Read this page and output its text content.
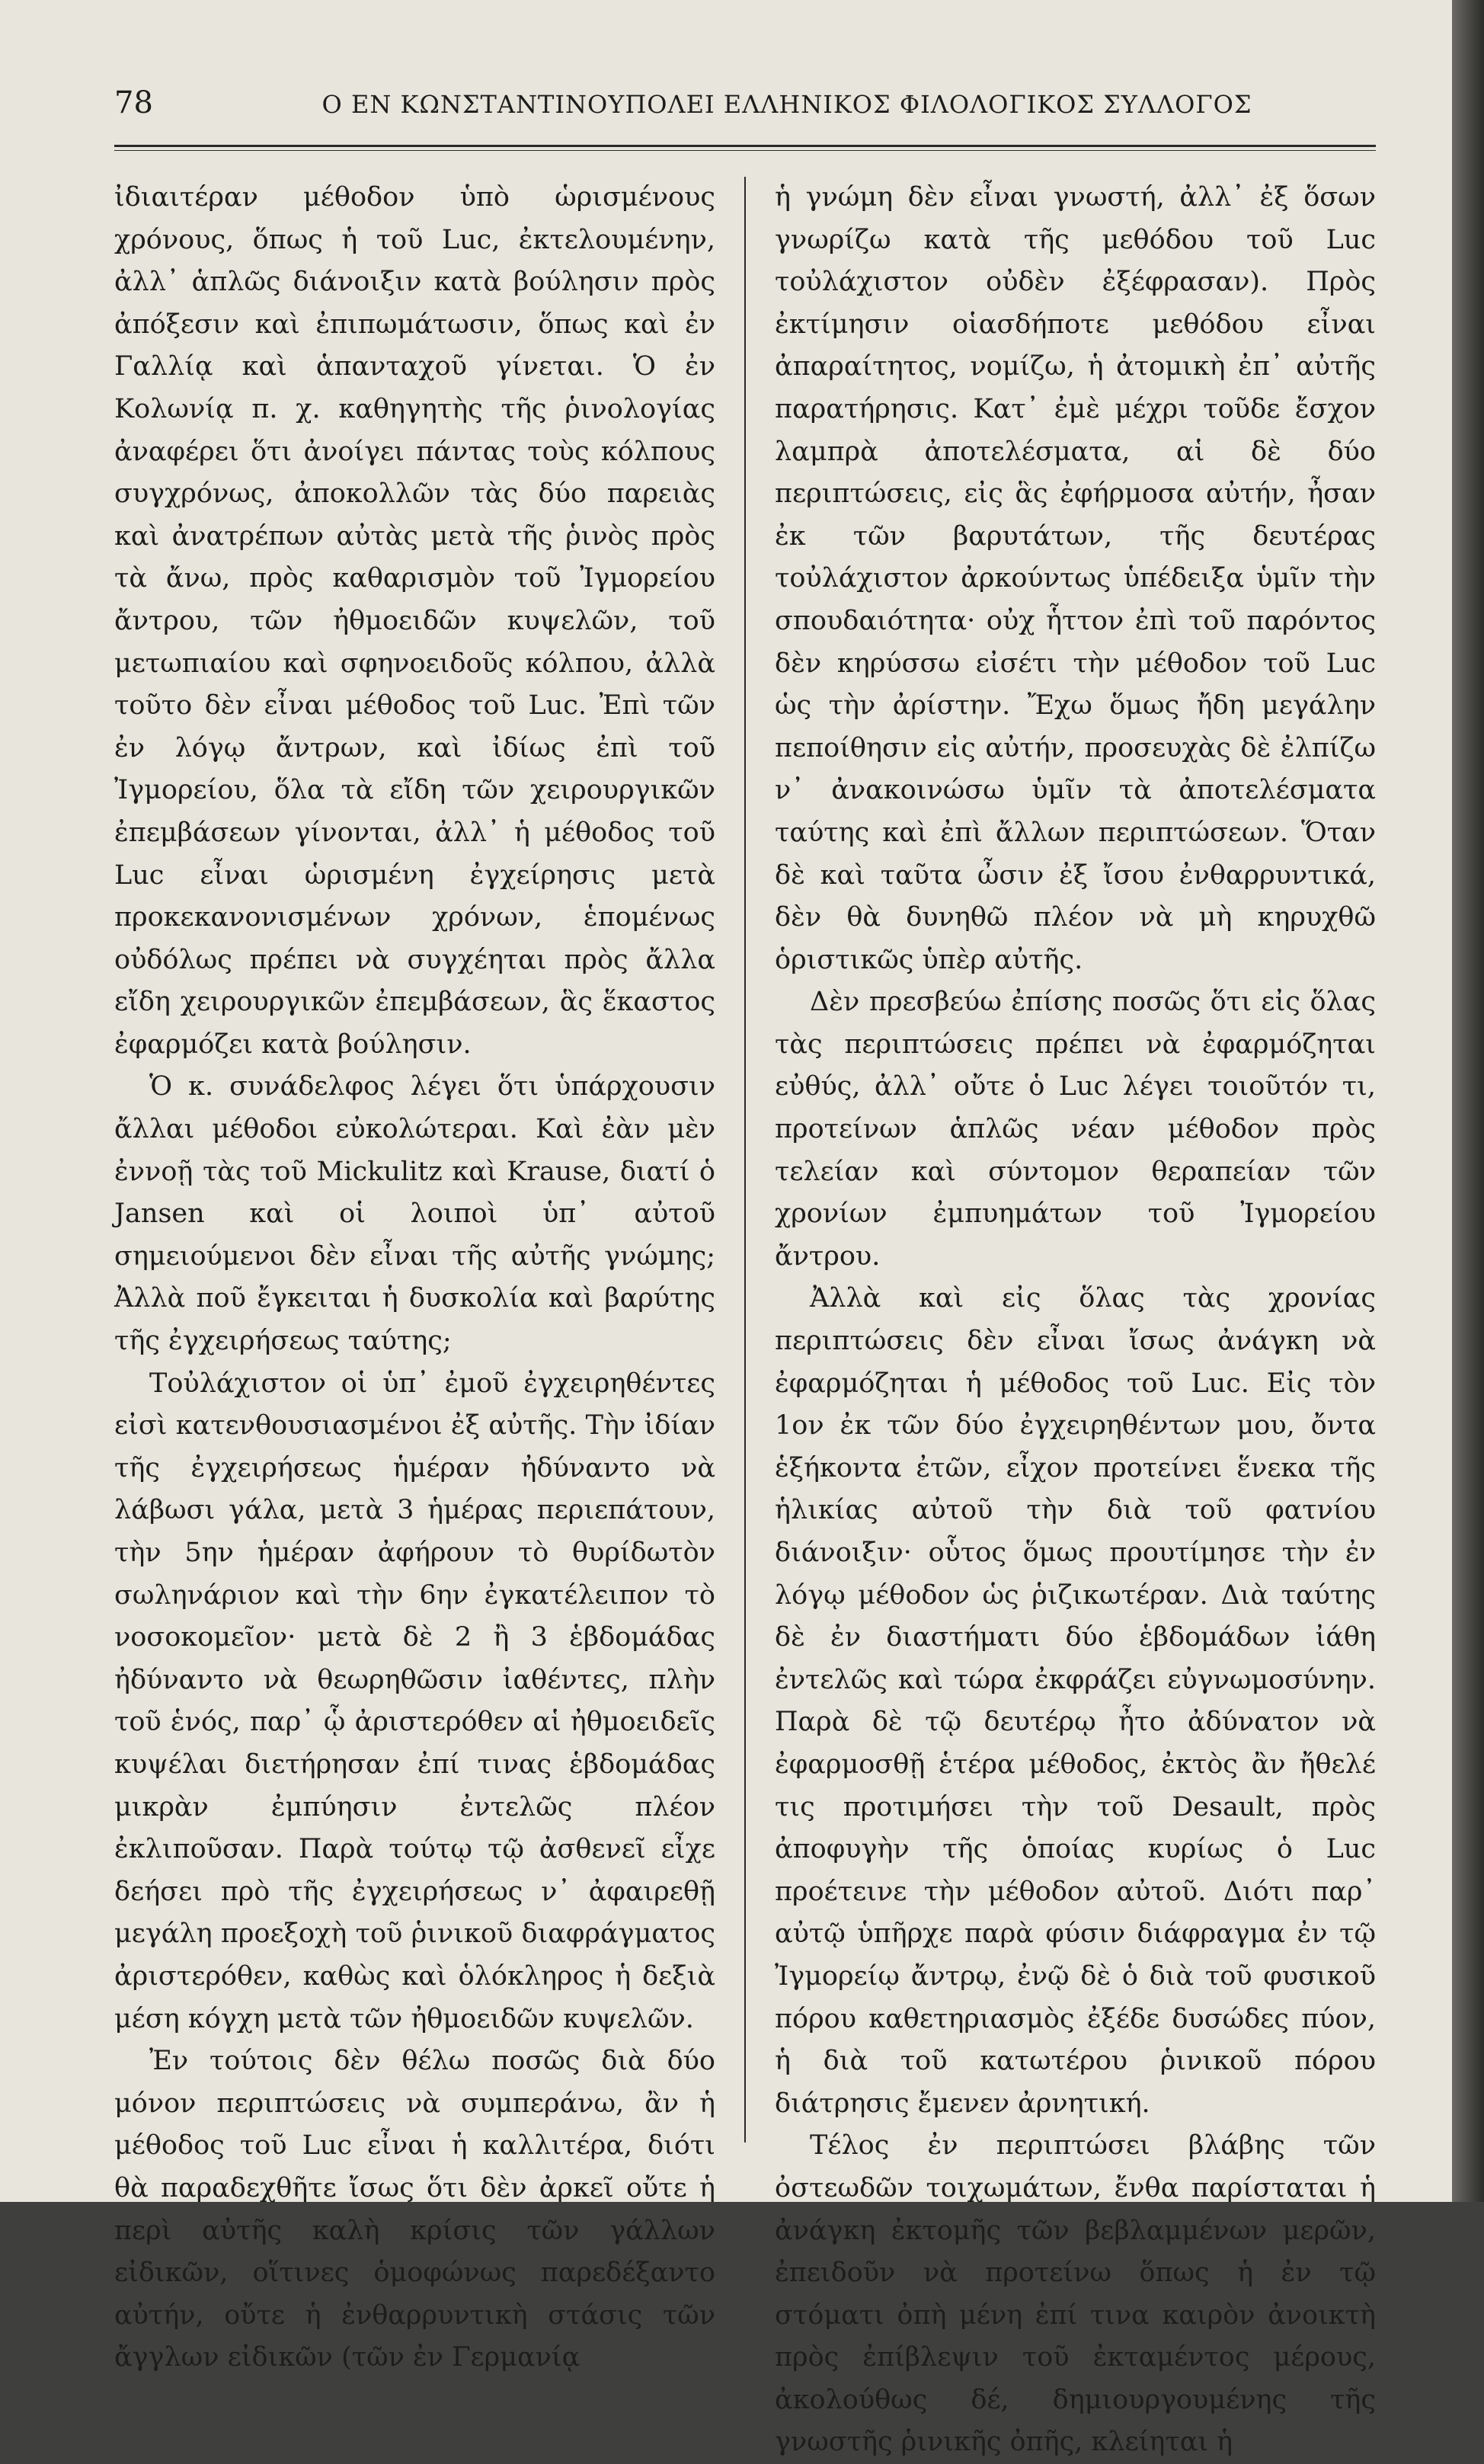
78	Ο ΕΝ ΚΩΝΣΤΑΝΤΙΝΟΥΠΟΛΕΙ ΕΛΛΗΝΙΚΟΣ ΦΙΛΟΛΟΓΙΚΟΣ ΣΥΛΛΟΓΟΣ

ἰδιαιτέραν μέθοδον ὑπὸ ὡρισμένους χρόνους, ὅπως ἡ τοῦ Luc, ἐκτελουμένην, ἀλλ᾽ ἁπλῶς διάνοιξιν κατὰ βούλησιν πρὸς ἀπόξεσιν καὶ ἐπιπωμάτωσιν, ὅπως καὶ ἐν Γαλλίᾳ καὶ ἁπανταχοῦ γίνεται. Ὁ ἐν Κολωνίᾳ π. χ. καθηγητὴς τῆς ῥινολογίας ἀναφέρει ὅτι ἀνοίγει πάντας τοὺς κόλπους συγχρόνως, ἀποκολλῶν τὰς δύο παρειὰς καὶ ἀνατρέπων αὐτὰς μετὰ τῆς ῥινὸς πρὸς τὰ ἄνω, πρὸς καθαρισμὸν τοῦ Ἰγμορείου ἄντρου, τῶν ἠθμοειδῶν κυψελῶν, τοῦ μετωπιαίου καὶ σφηνοειδοῦς κόλπου, ἀλλὰ τοῦτο δὲν εἶναι μέθοδος τοῦ Luc. Ἐπὶ τῶν ἐν λόγῳ ἄντρων, καὶ ἰδίως ἐπὶ τοῦ Ἰγμορείου, ὅλα τὰ εἴδη τῶν χειρουργικῶν ἐπεμβάσεων γίνονται, ἀλλ᾽ ἡ μέθοδος τοῦ Luc εἶναι ὡρισμένη ἐγχείρησις μετὰ προκεκανονισμένων χρόνων, ἑπομένως οὐδόλως πρέπει νὰ συγχέηται πρὸς ἄλλα εἴδη χειρουργικῶν ἐπεμβάσεων, ἃς ἕκαστος ἐφαρμόζει κατὰ βούλησιν.

Ὁ κ. συνάδελφος λέγει ὅτι ὑπάρχουσιν ἄλλαι μέθοδοι εὐκολώτεραι. Καὶ ἐὰν μὲν ἐννοῇ τὰς τοῦ Mickulitz καὶ Krause, διατί ὁ Jansen καὶ οἱ λοιποὶ ὑπ᾽ αὐτοῦ σημειούμενοι δὲν εἶναι τῆς αὐτῆς γνώμης; Ἀλλὰ ποῦ ἔγκειται ἡ δυσκολία καὶ βαρύτης τῆς ἐγχειρήσεως ταύτης;

Τοὐλάχιστον οἱ ὑπ᾽ ἐμοῦ ἐγχειρηθέντες εἰσὶ κατενθουσιασμένοι ἐξ αὐτῆς. Τὴν ἰδίαν τῆς ἐγχειρήσεως ἡμέραν ἠδύναντο νὰ λάβωσι γάλα, μετὰ 3 ἡμέρας περιεπάτουν, τὴν 5ην ἡμέραν ἀφήρουν τὸ θυρίδωτὸν σωληνάριον καὶ τὴν 6ην ἐγκατέλειπον τὸ νοσοκομεῖον· μετὰ δὲ 2 ἢ 3 ἑβδομάδας ἠδύναντο νὰ θεωρηθῶσιν ἰαθέντες, πλὴν τοῦ ἑνός, παρ᾽ ᾧ ἀριστερόθεν αἱ ἠθμοειδεῖς κυψέλαι διετήρησαν ἐπί τινας ἑβδομάδας μικρὰν ἐμπύησιν ἐντελῶς πλέον ἐκλιποῦσαν. Παρὰ τούτῳ τῷ ἀσθενεῖ εἶχε δεήσει πρὸ τῆς ἐγχειρήσεως ν᾽ ἀφαιρεθῇ μεγάλη προεξοχὴ τοῦ ῥινικοῦ διαφράγματος ἀριστερόθεν, καθὼς καὶ ὁλόκληρος ἡ δεξιὰ μέση κόγχη μετὰ τῶν ἠθμοειδῶν κυψελῶν.

Ἐν τούτοις δὲν θέλω ποσῶς διὰ δύο μόνον περιπτώσεις νὰ συμπεράνω, ἂν ἡ μέθοδος τοῦ Luc εἶναι ἡ καλλιτέρα, διότι θὰ παραδεχθῆτε ἴσως ὅτι δὲν ἀρκεῖ οὔτε ἡ περὶ αὐτῆς καλὴ κρίσις τῶν γάλλων εἰδικῶν, οἵτινες ὁμοφώνως παρεδέξαντο αὐτήν, οὔτε ἡ ἐνθαρρυντικὴ στάσις τῶν ἄγγλων εἰδικῶν (τῶν ἐν Γερμανίᾳ

ἡ γνώμη δὲν εἶναι γνωστή, ἀλλ᾽ ἐξ ὅσων γνωρίζω κατὰ τῆς μεθόδου τοῦ Luc τοὐλάχιστον οὐδὲν ἐξέφρασαν). Πρὸς ἐκτίμησιν οἱασδήποτε μεθόδου εἶναι ἀπαραίτητος, νομίζω, ἡ ἀτομικὴ ἐπ᾽ αὐτῆς παρατήρησις. Κατ᾽ ἐμὲ μέχρι τοῦδε ἔσχον λαμπρὰ ἀποτελέσματα, αἱ δὲ δύο περιπτώσεις, εἰς ἃς ἐφήρμοσα αὐτήν, ἦσαν ἐκ τῶν βαρυτάτων, τῆς δευτέρας τοὐλάχιστον ἀρκούντως ὑπέδειξα ὑμῖν τὴν σπουδαιότητα· οὐχ ἧττον ἐπὶ τοῦ παρόντος δὲν κηρύσσω εἰσέτι τὴν μέθοδον τοῦ Luc ὡς τὴν ἀρίστην. Ἔχω ὅμως ἤδη μεγάλην πεποίθησιν εἰς αὐτήν, προσευχὰς δὲ ἐλπίζω ν᾽ ἀνακοινώσω ὑμῖν τὰ ἀποτελέσματα ταύτης καὶ ἐπὶ ἄλλων περιπτώσεων. Ὅταν δὲ καὶ ταῦτα ὦσιν ἐξ ἴσου ἐνθαρρυντικά, δὲν θὰ δυνηθῶ πλέον νὰ μὴ κηρυχθῶ ὁριστικῶς ὑπὲρ αὐτῆς.

Δὲν πρεσβεύω ἐπίσης ποσῶς ὅτι εἰς ὅλας τὰς περιπτώσεις πρέπει νὰ ἐφαρμόζηται εὐθύς, ἀλλ᾽ οὔτε ὁ Luc λέγει τοιοῦτόν τι, προτείνων ἁπλῶς νέαν μέθοδον πρὸς τελείαν καὶ σύντομον θεραπείαν τῶν χρονίων ἐμπυημάτων τοῦ Ἰγμορείου ἄντρου.

Ἀλλὰ καὶ εἰς ὅλας τὰς χρονίας περιπτώσεις δὲν εἶναι ἴσως ἀνάγκη νὰ ἐφαρμόζηται ἡ μέθοδος τοῦ Luc. Εἰς τὸν 1ον ἐκ τῶν δύο ἐγχειρηθέντων μου, ὄντα ἑξήκοντα ἐτῶν, εἶχον προτείνει ἕνεκα τῆς ἡλικίας αὐτοῦ τὴν διὰ τοῦ φατνίου διάνοιξιν· οὗτος ὅμως προυτίμησε τὴν ἐν λόγῳ μέθοδον ὡς ῥιζικωτέραν. Διὰ ταύτης δὲ ἐν διαστήματι δύο ἑβδομάδων ἰάθη ἐντελῶς καὶ τώρα ἐκφράζει εὐγνωμοσύνην. Παρὰ δὲ τῷ δευτέρῳ ἦτο ἀδύνατον νὰ ἐφαρμοσθῇ ἑτέρα μέθοδος, ἐκτὸς ἂν ἤθελέ τις προτιμήσει τὴν τοῦ Desault, πρὸς ἀποφυγὴν τῆς ὁποίας κυρίως ὁ Luc προέτεινε τὴν μέθοδον αὐτοῦ. Διότι παρ᾽ αὐτῷ ὑπῆρχε παρὰ φύσιν διάφραγμα ἐν τῷ Ἰγμορείῳ ἄντρῳ, ἐνῷ δὲ ὁ διὰ τοῦ φυσικοῦ πόρου καθετηριασμὸς ἐξέδε δυσώδες πύον, ἡ διὰ τοῦ κατωτέρου ῥινικοῦ πόρου διάτρησις ἔμενεν ἀρνητική.

Τέλος ἐν περιπτώσει βλάβης τῶν ὀστεωδῶν τοιχωμάτων, ἔνθα παρίσταται ἡ ἀνάγκη ἐκτομῆς τῶν βεβλαμμένων μερῶν, ἐπειδοῦν νὰ προτείνω ὅπως ἡ ἐν τῷ στόματι ὀπὴ μένη ἐπί τινα καιρὸν ἀνοικτὴ πρὸς ἐπίβλεψιν τοῦ ἐκταμέντος μέρους, ἀκολούθως δέ, δημιουργουμένης τῆς γνωστῆς ῥινικῆς ὀπῆς, κλείηται ἡ
